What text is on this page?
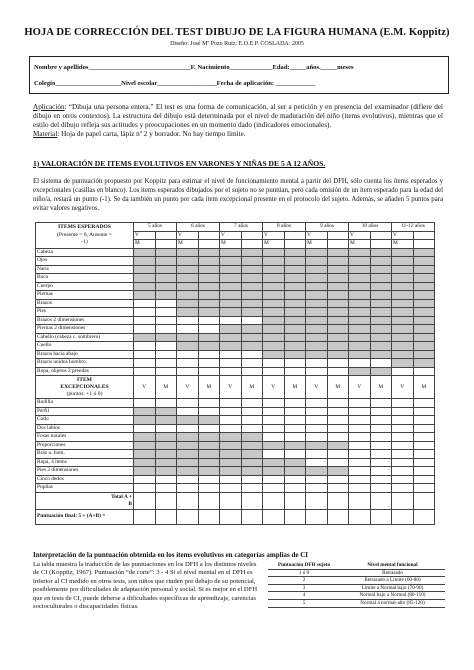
HOJA DE CORRECCIÓN DEL TEST DIBUJO DE LA FIGURA HUMANA (E.M. Koppitz)
Diseño: José Mª Pozo Ruiz: E.O.E.P. COSLADA: 2005
Nombre y apellidos_______________________________F. Nacimiento_____________Edad:_____años._____meses
Colegio____________________Nivel escolar__________________Fecha de aplicación: ____________
Aplicación: “Dibuja una persona entera.” El test es una forma de comunicación, al ser a petición y en presencia del examinador (difiere del dibujo en otros contextos). La estructura del dibujo está determinada por el nivel de maduración del niño (items evolutivos), mientras que el estilo del dibujo refleja sus actitudes y preocupaciones en un momento dado (indicadores emocionales).
Material: Hoja de papel carta, lápiz nº 2 y borrador. No hay tiempo límite.
1) VALORACIÓN DE ITEMS EVOLUTIVOS EN VARONES Y NIÑAS DE 5 A 12 AÑOS.
El sistema de puntuación propuesto por Koppitz para estimar el nivel de funcionamiento mental a partir del DFH, sólo cuenta los ítems esperados y excepcionales (casillas en blanco). Los items esperados dibujados por el sujeto no se puntúan, pero cada omisión de un ítem esperado para la edad del niño/a, restará un punto (-1). Se da también un punto por cada ítem excepcional presente en el protocolo del sujeto. Además, se añaden 5 puntos para evitar valores negativos.
ITEMS ESPERADOS
(Presente = 0, Ausente =
-1)	5 años		6 años		7 años		8 años		9 años		10 años		11-12 años	
	V		V		V		V		V		V		V	
	M		M		M		M		M		M		M	
Cabeza														
Ojos														
Nariz														
Boca														
Cuerpo														
Piernas														
Brazos														
Pies														
Brazos 2 dimensiones														
Piernas 2 dimensiones														
Cabello (cabeza c. sombrero)														
Cuello														
Brazos hacia abajo														
Brazos unidos hombro.														
Ropa, objetos 2 prendas														
ITEM
EXCEPCIONALES
(puntos: +1 ó 0)	V	M	V	M	V	M	V	M	V	M	V	M	V	M
Rodilla														
Perfil														
Codo														
Dos labios														
Fosas nasales														
Proporciones														
Braz u. hom.														
Ropa, 4 items														
Pies 2 dimensiones														
Cinco dedos														
Pupilas														
Total A +
B														
Puntuación final: 5 + (A+B) =														
Interpretación de la puntuación obtenida en los ítems evolutivos en categorías amplias de CI
La tabla muestra la traducción de las puntuaciones en los DFH a los distintos niveles de CI (Koppitz, 1967). Puntuación “de corte”: 3 - 4 Si el nivel mental en el DFH es inferior al CI medido en otros tests, son niños que rinden por debajo de su potencial, posiblemente por dificultades de adaptación personal y social. Si es mejor en el DFH que en tests de CI, puede deberse a dificultades específicas de aprendizaje, carencias socioculturales o discapacidades físicas.
Puntuación DFH sujeto	Nivel mental funcional
1 ó 0	Retrasado
2	Retrasado a Límite (60-80)
3	Límite a Normal bajo (70-90)
4	Normal bajo a Normal (80-110)
5	Normal a normal-alto (85-120)
